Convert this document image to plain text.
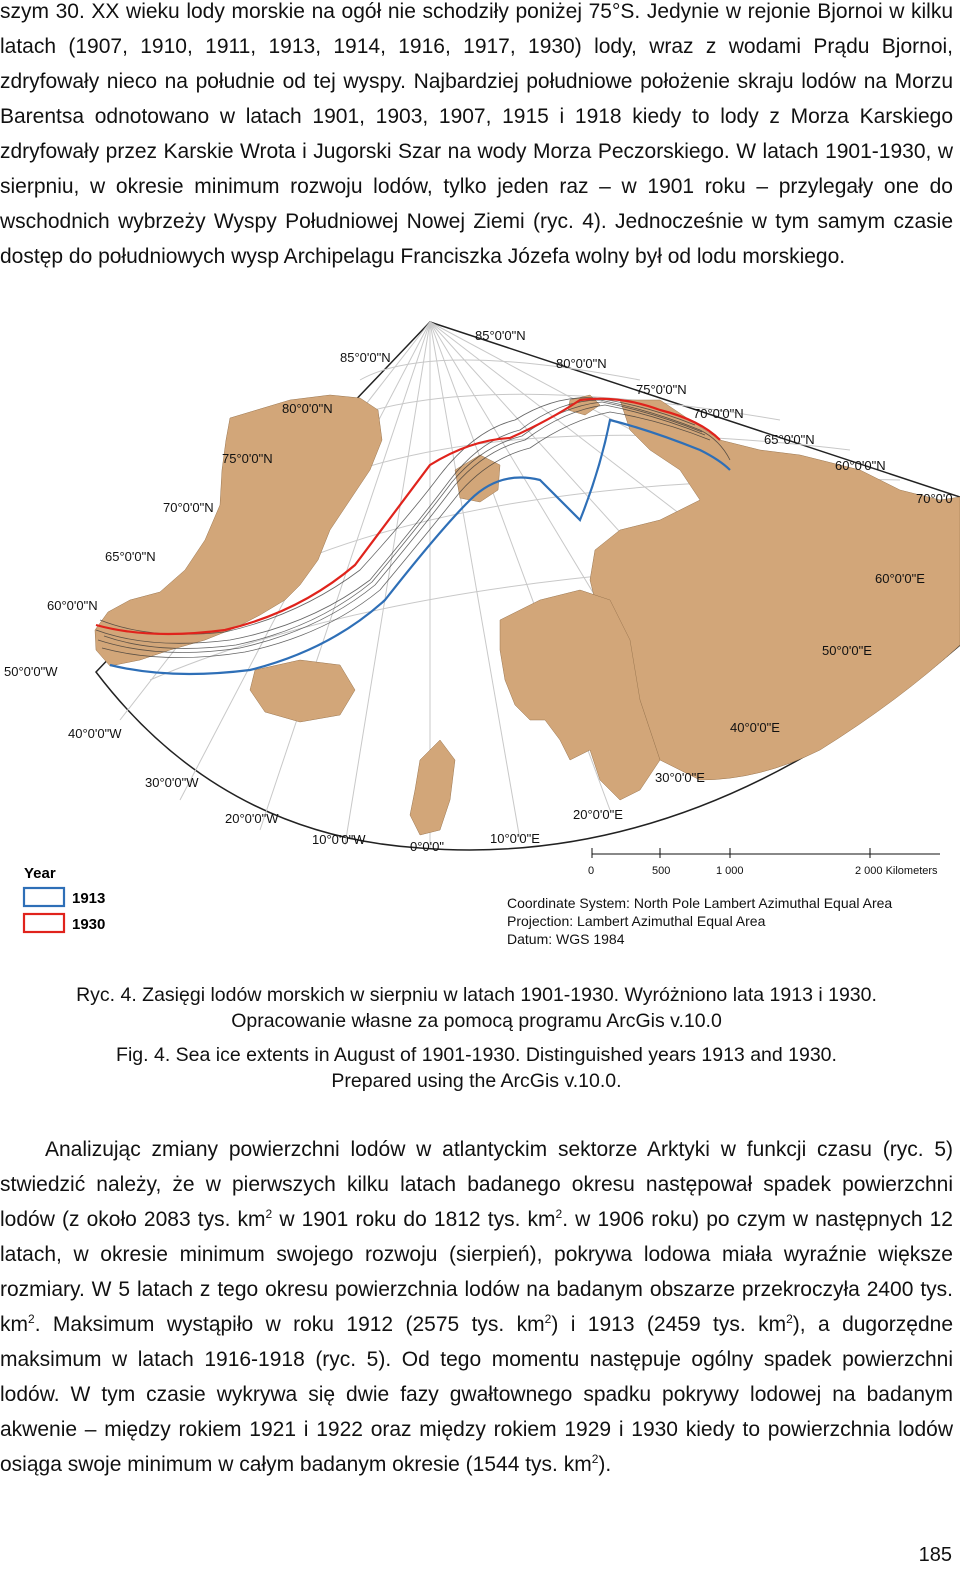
szym 30. XX wieku lody morskie na ogół nie schodziły poniżej 75°S. Jedynie w rejonie Bjornoi w kilku latach (1907, 1910, 1911, 1913, 1914, 1916, 1917, 1930) lody, wraz z wodami Prądu Bjornoi, zdryfowały nieco na południe od tej wyspy. Najbardziej południowe położenie skraju lodów na Morzu Barentsa odnotowano w latach 1901, 1903, 1907, 1915 i 1918 kiedy to lody z Morza Karskiego zdryfowały przez Karskie Wrota i Jugorski Szar na wody Morza Peczorskiego. W latach 1901-1930, w sierpniu, w okresie minimum rozwoju lodów, tylko jeden raz – w 1901 roku – przylegały one do wschodnich wybrzeży Wyspy Południowej Nowej Ziemi (ryc. 4). Jednocześnie w tym samym czasie dostęp do południowych wysp Archipelagu Franciszka Józefa wolny był od lodu morskiego.

85°0'0"N
85°0'0"N	80°0'0"N
80°0'0"N
75°0'0"N
75°0'0"N
70°0'0"N
70°0'0"N
65°0'0"N
65°0'0"N
60°0'0"N
60°0'0"N
70°0'0
50°0'0"W
40°0'0"W
30°0'0"W
20°0'0"W
10°0'0"W	0°0'0"
60°0'0"E
50°0'0"E
40°0'0"E
30°0'0"E
20°0'0"E
10°0'0"E
Year
1913
1930
0	500	1 000	2 000 Kilometers
Coordinate System: North Pole Lambert Azimuthal Equal Area
Projection: Lambert Azimuthal Equal Area
Datum: WGS 1984
Ryc. 4. Zasięgi lodów morskich w sierpniu w latach 1901-1930. Wyróżniono lata 1913 i 1930.
Opracowanie własne za pomocą programu ArcGis v.10.0
Fig. 4. Sea ice extents in August of 1901-1930. Distinguished years 1913 and 1930.
Prepared using the ArcGis v.10.0.

Analizując zmiany powierzchni lodów w atlantyckim sektorze Arktyki w funkcji czasu (ryc. 5) stwiedzić należy, że w pierwszych kilku latach badanego okresu następował spadek powierzchni lodów (z około 2083 tys. $km^2$ w 1901 roku do 1812 tys. $km^2$. w 1906 roku) po czym w następnych 12 latach, w okresie minimum swojego rozwoju (sierpień), pokrywa lodowa miała wyraźnie większe rozmiary. W 5 latach z tego okresu powierzchnia lodów na badanym obszarze przekroczyła 2400 tys. $km^2$. Maksimum wystąpiło w roku 1912 (2575 tys. $km^2$) i 1913 (2459 tys. $km^2$), a dugorzędne maksimum w latach 1916-1918 (ryc. 5). Od tego momentu następuje ogólny spadek powierzchni lodów. W tym czasie wykrywa się dwie fazy gwałtownego spadku pokrywy lodowej na badanym akwenie – między rokiem 1921 i 1922 oraz między rokiem 1929 i 1930 kiedy to powierzchnia lodów osiąga swoje minimum w całym badanym okresie (1544 tys. $km^2$).

185
